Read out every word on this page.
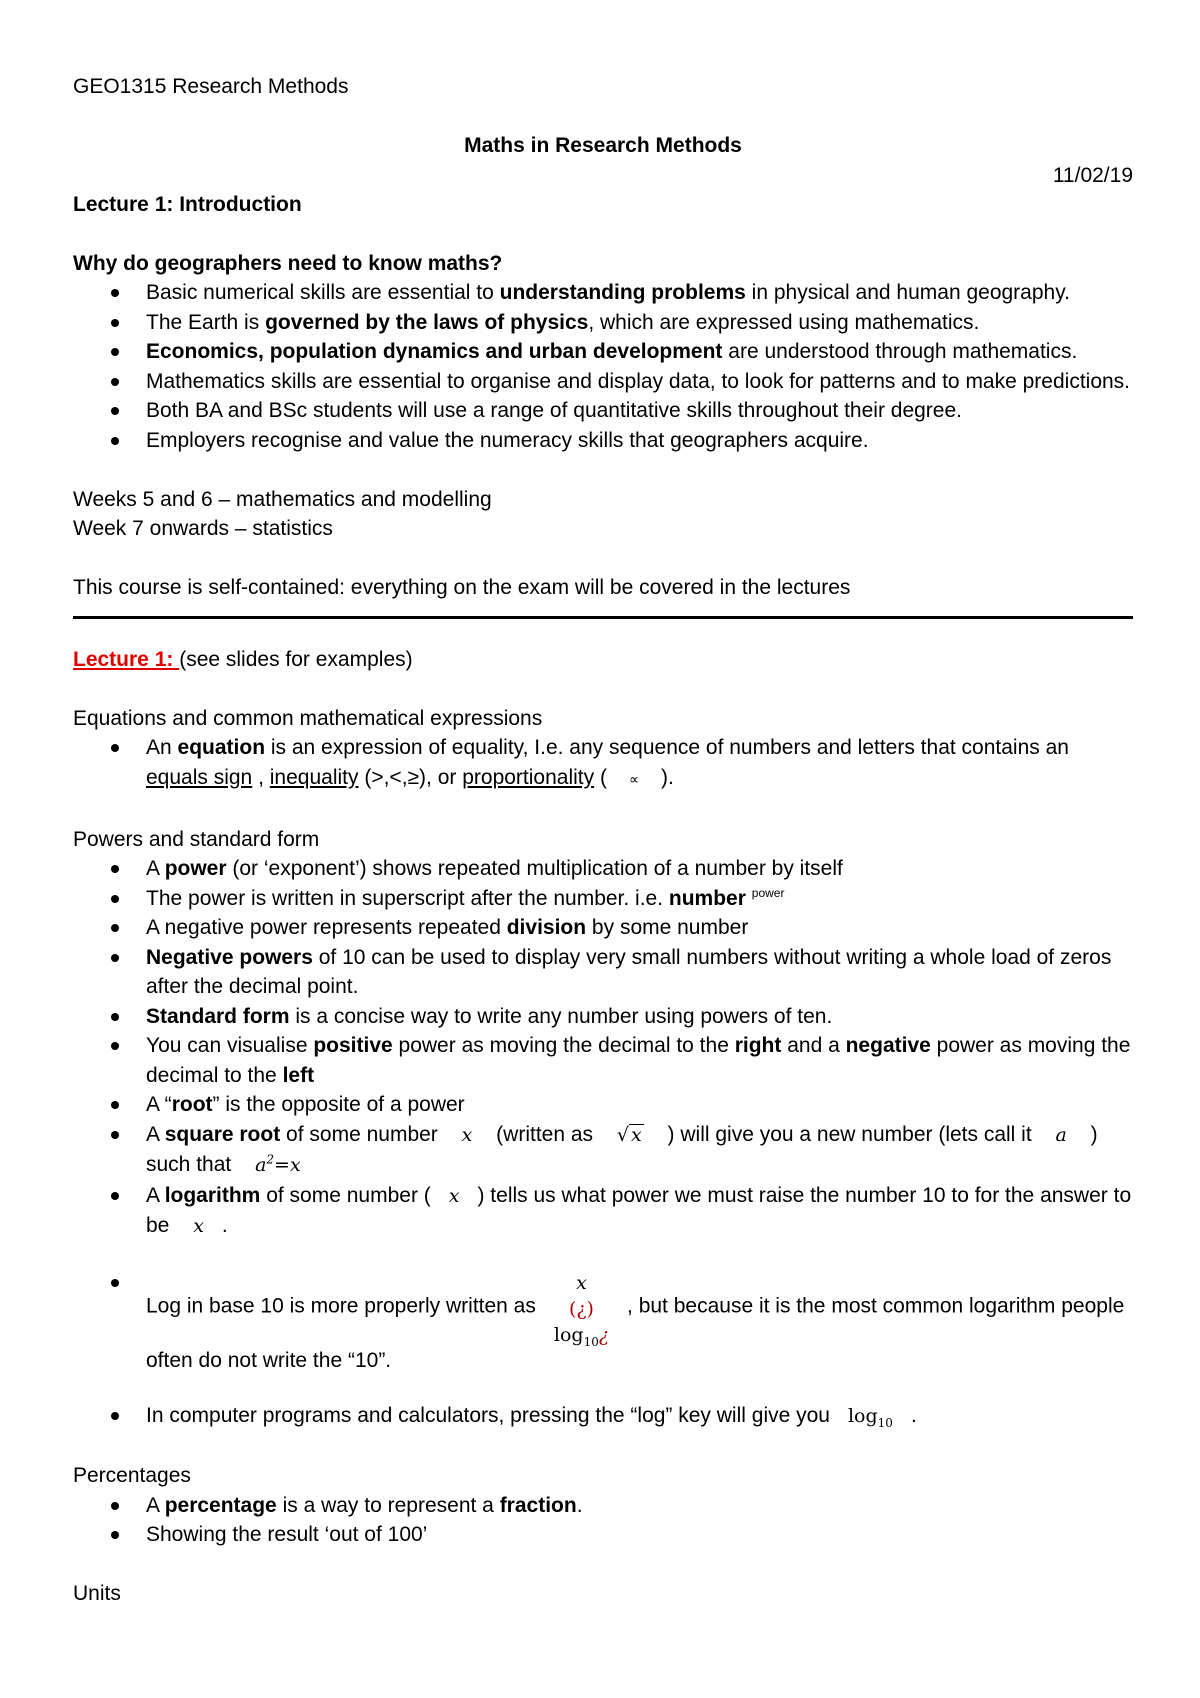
GEO1315 Research Methods
Maths in Research Methods
11/02/19
Lecture 1: Introduction
Why do geographers need to know maths?
Basic numerical skills are essential to understanding problems in physical and human geography.
The Earth is governed by the laws of physics, which are expressed using mathematics.
Economics, population dynamics and urban development are understood through mathematics.
Mathematics skills are essential to organise and display data, to look for patterns and to make predictions.
Both BA and BSc students will use a range of quantitative skills throughout their degree.
Employers recognise and value the numeracy skills that geographers acquire.
Weeks 5 and 6 – mathematics and modelling
Week 7 onwards – statistics
This course is self-contained: everything on the exam will be covered in the lectures
Lecture 1: (see slides for examples)
Equations and common mathematical expressions
An equation is an expression of equality, I.e. any sequence of numbers and letters that contains an equals sign , inequality (>,<,≥), or proportionality ( ∝ ).
Powers and standard form
A power (or ‘exponent’) shows repeated multiplication of a number by itself
The power is written in superscript after the number. i.e. number $^{power}$
A negative power represents repeated division by some number
Negative powers of 10 can be used to display very small numbers without writing a whole load of zeros after the decimal point.
Standard form is a concise way to write any number using powers of ten.
You can visualise positive power as moving the decimal to the right and a negative power as moving the decimal to the left
A “root” is the opposite of a power
A square root of some number x (written as √ x ) will give you a new number (lets call it a ) such that $a^2=x$
A logarithm of some number ( x ) tells us what power we must raise the number 10 to for the answer to be x .
Log in base 10 is more properly written as
x
(¿)
$\log_{10}¿$
, but because it is the most common logarithm people often do not write the “10”.
In computer programs and calculators, pressing the “log” key will give you $\log_{10}$ .
Percentages
A percentage is a way to represent a fraction.
Showing the result ‘out of 100’
Units
